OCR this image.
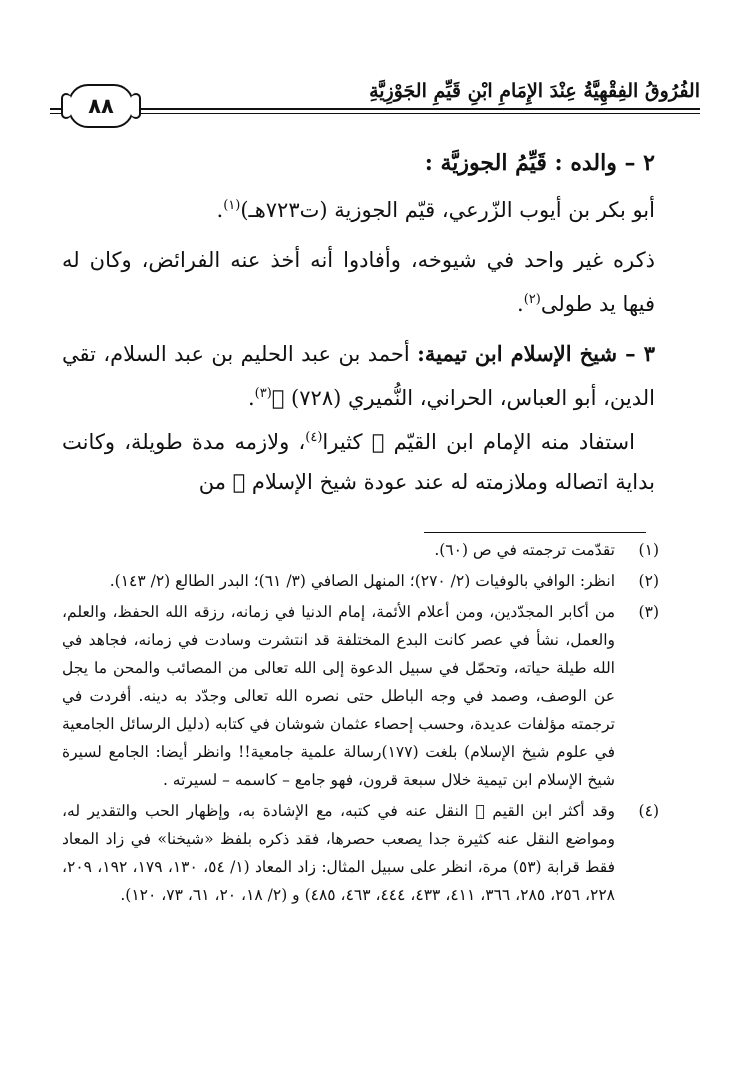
الفُرُوقُ الفِقْهِيَّةُ عِنْدَ الإِمَامِ ابْنِ قَيِّمِ الجَوْزِيَّةِ
٨٨

٢ – والده : قَيِّمُ الجوزيَّة :

أبو بكر بن أيوب الزّرعي، قيّم الجوزية (ت٧٢٣هـ)$^{(١)}$.

ذكره غير واحد في شيوخه، وأفادوا أنه أخذ عنه الفرائض، وكان له فيها يد طولى$^{(٢)}$.

٣ – شيخ الإسلام ابن تيمية: أحمد بن عبد الحليم بن عبد السلام، تقي الدين، أبو العباس، الحراني، النُّميري (٧٢٨) ﷬$^{(٣)}$.

استفاد منه الإمام ابن القيّم ﷬ كثيرا$^{(٤)}$، ولازمه مدة طويلة، وكانت بداية اتصاله وملازمته له عند عودة شيخ الإسلام ﷬ من

(١)
تقدّمت ترجمته في ص (٦٠).
(٢)
انظر: الوافي بالوفيات (٢/ ٢٧٠)؛ المنهل الصافي (٣/ ٦١)؛ البدر الطالع (٢/ ١٤٣).
(٣)
من أكابر المجدّدين، ومن أعلام الأئمة، إمام الدنيا في زمانه، رزقه الله الحفظ، والعلم، والعمل، نشأ في عصر كانت البدع المختلفة قد انتشرت وسادت في زمانه، فجاهد في الله طيلة حياته، وتحمّل في سبيل الدعوة إلى الله تعالى من المصائب والمحن ما يجل عن الوصف، وصمد في وجه الباطل حتى نصره الله تعالى وجدّد به دينه. أفردت في ترجمته مؤلفات عديدة، وحسب إحصاء عثمان شوشان في كتابه (دليل الرسائل الجامعية في علوم شيخ الإسلام) بلغت (١٧٧)رسالة علمية جامعية!! وانظر أيضا: الجامع لسيرة شيخ الإسلام ابن تيمية خلال سبعة قرون، فهو جامع – كاسمه – لسيرته .
(٤)
وقد أكثر ابن القيم ﷬ النقل عنه في كتبه، مع الإشادة به، وإظهار الحب والتقدير له، ومواضع النقل عنه كثيرة جدا يصعب حصرها، فقد ذكره بلفظ «شيخنا» في زاد المعاد فقط قرابة (٥٣) مرة، انظر على سبيل المثال: زاد المعاد (١/ ٥٤، ١٣٠، ١٧٩، ١٩٢، ٢٠٩، ٢٢٨، ٢٥٦، ٢٨٥، ٣٦٦، ٤١١، ٤٣٣، ٤٤٤، ٤٦٣، ٤٨٥) و (٢/ ١٨، ٢٠، ٦١، ٧٣، ١٢٠).
